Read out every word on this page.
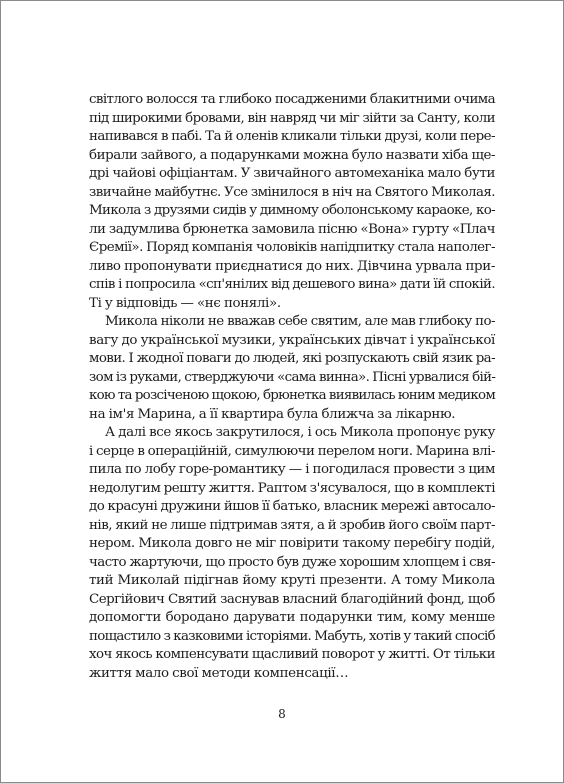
світлого волосся та глибоко посадженими блакитними очима
під широкими бровами, він навряд чи міг зійти за Санту, коли
напивався в пабі. Та й оленів кликали тільки друзі, коли пере-
бирали зайвого, а подарунками можна було назвати хіба ще-
дрі чайові офіціантам. У звичайного автомеханіка мало бути
звичайне майбутнє. Усе змінилося в ніч на Святого Миколая.
Микола з друзями сидів у димному оболонському караоке, ко-
ли задумлива брюнетка замовила пісню «Вона» гурту «Плач
Єремії». Поряд компанія чоловіків напідпитку стала наполег-
ливо пропонувати приєднатися до них. Дівчина урвала при-
спів і попросила «сп'янілих від дешевого вина» дати їй спокій.
Ті у відповідь — «нє понялі».

Микола ніколи не вважав себе святим, але мав глибоку по-
вагу до української музики, українських дівчат і української
мови. І жодної поваги до людей, які розпускають свій язик ра-
зом із руками, стверджуючи «сама винна». Пісні урвалися бій-
кою та розсіченою щокою, брюнетка виявилась юним медиком
на ім'я Марина, а її квартира була ближча за лікарню.

А далі все якось закрутилося, і ось Микола пропонує руку
і серце в операційній, симулюючи перелом ноги. Марина влі-
пила по лобу горе-романтику — і погодилася провести з цим
недолугим решту життя. Раптом з'ясувалося, що в комплекті
до красуні дружини йшов її батько, власник мережі автосало-
нів, який не лише підтримав зятя, а й зробив його своїм парт-
нером. Микола довго не міг повірити такому перебігу подій,
часто жартуючи, що просто був дуже хорошим хлопцем і свя-
тий Миколай підігнав йому круті презенти. А тому Микола
Сергійович Святий заснував власний благодійний фонд, щоб
допомогти бородано дарувати подарунки тим, кому менше
пощастило з казковими історіями. Мабуть, хотів у такий спосіб
хоч якось компенсувати щасливий поворот у житті. От тільки
життя мало свої методи компенсації…

8
